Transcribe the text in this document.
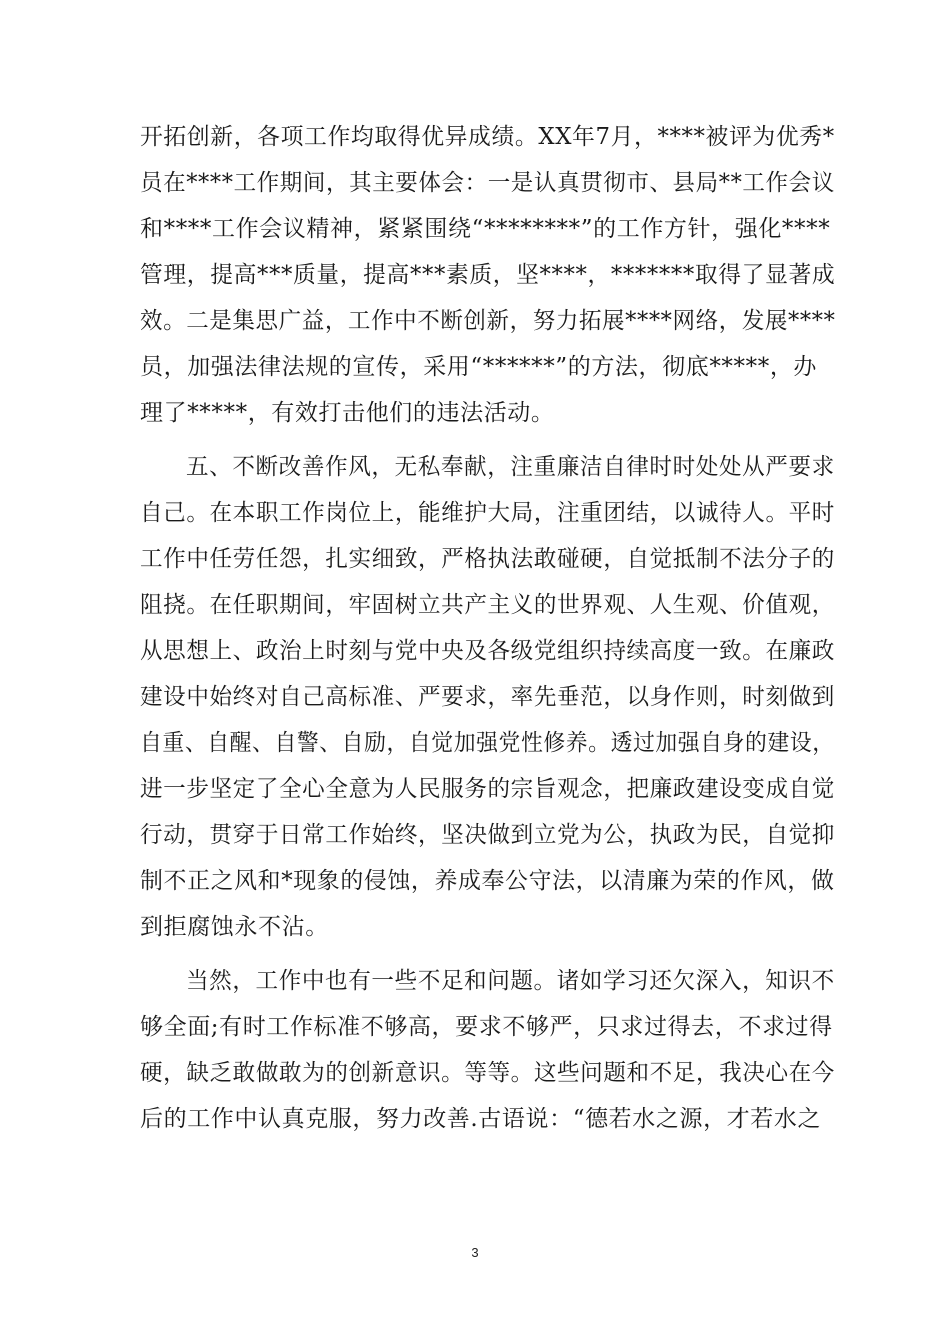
开拓创新，各项工作均取得优异成绩。XX年7月，****被评为优秀*
员在****工作期间，其主要体会：一是认真贯彻市、县局**工作会议
和****工作会议精神，紧紧围绕“********”的工作方针，强化****
管理，提高***质量，提高***素质，坚****，*******取得了显著成
效。二是集思广益，工作中不断创新，努力拓展****网络，发展****
员，加强法律法规的宣传，采用“******”的方法，彻底*****，办
理了*****，有效打击他们的违法活动。
五、不断改善作风，无私奉献，注重廉洁自律时时处处从严要求
自己。在本职工作岗位上，能维护大局，注重团结，以诚待人。平时
工作中任劳任怨，扎实细致，严格执法敢碰硬，自觉抵制不法分子的
阻挠。在任职期间，牢固树立共产主义的世界观、人生观、价值观，
从思想上、政治上时刻与党中央及各级党组织持续高度一致。在廉政
建设中始终对自己高标准、严要求，率先垂范，以身作则，时刻做到
自重、自醒、自警、自励，自觉加强党性修养。透过加强自身的建设，
进一步坚定了全心全意为人民服务的宗旨观念，把廉政建设变成自觉
行动，贯穿于日常工作始终，坚决做到立党为公，执政为民，自觉抑
制不正之风和*现象的侵蚀，养成奉公守法，以清廉为荣的作风，做
到拒腐蚀永不沾。
当然，工作中也有一些不足和问题。诸如学习还欠深入，知识不
够全面;有时工作标准不够高，要求不够严，只求过得去，不求过得
硬，缺乏敢做敢为的创新意识。等等。这些问题和不足，我决心在今
后的工作中认真克服，努力改善.古语说：“德若水之源，才若水之
3
